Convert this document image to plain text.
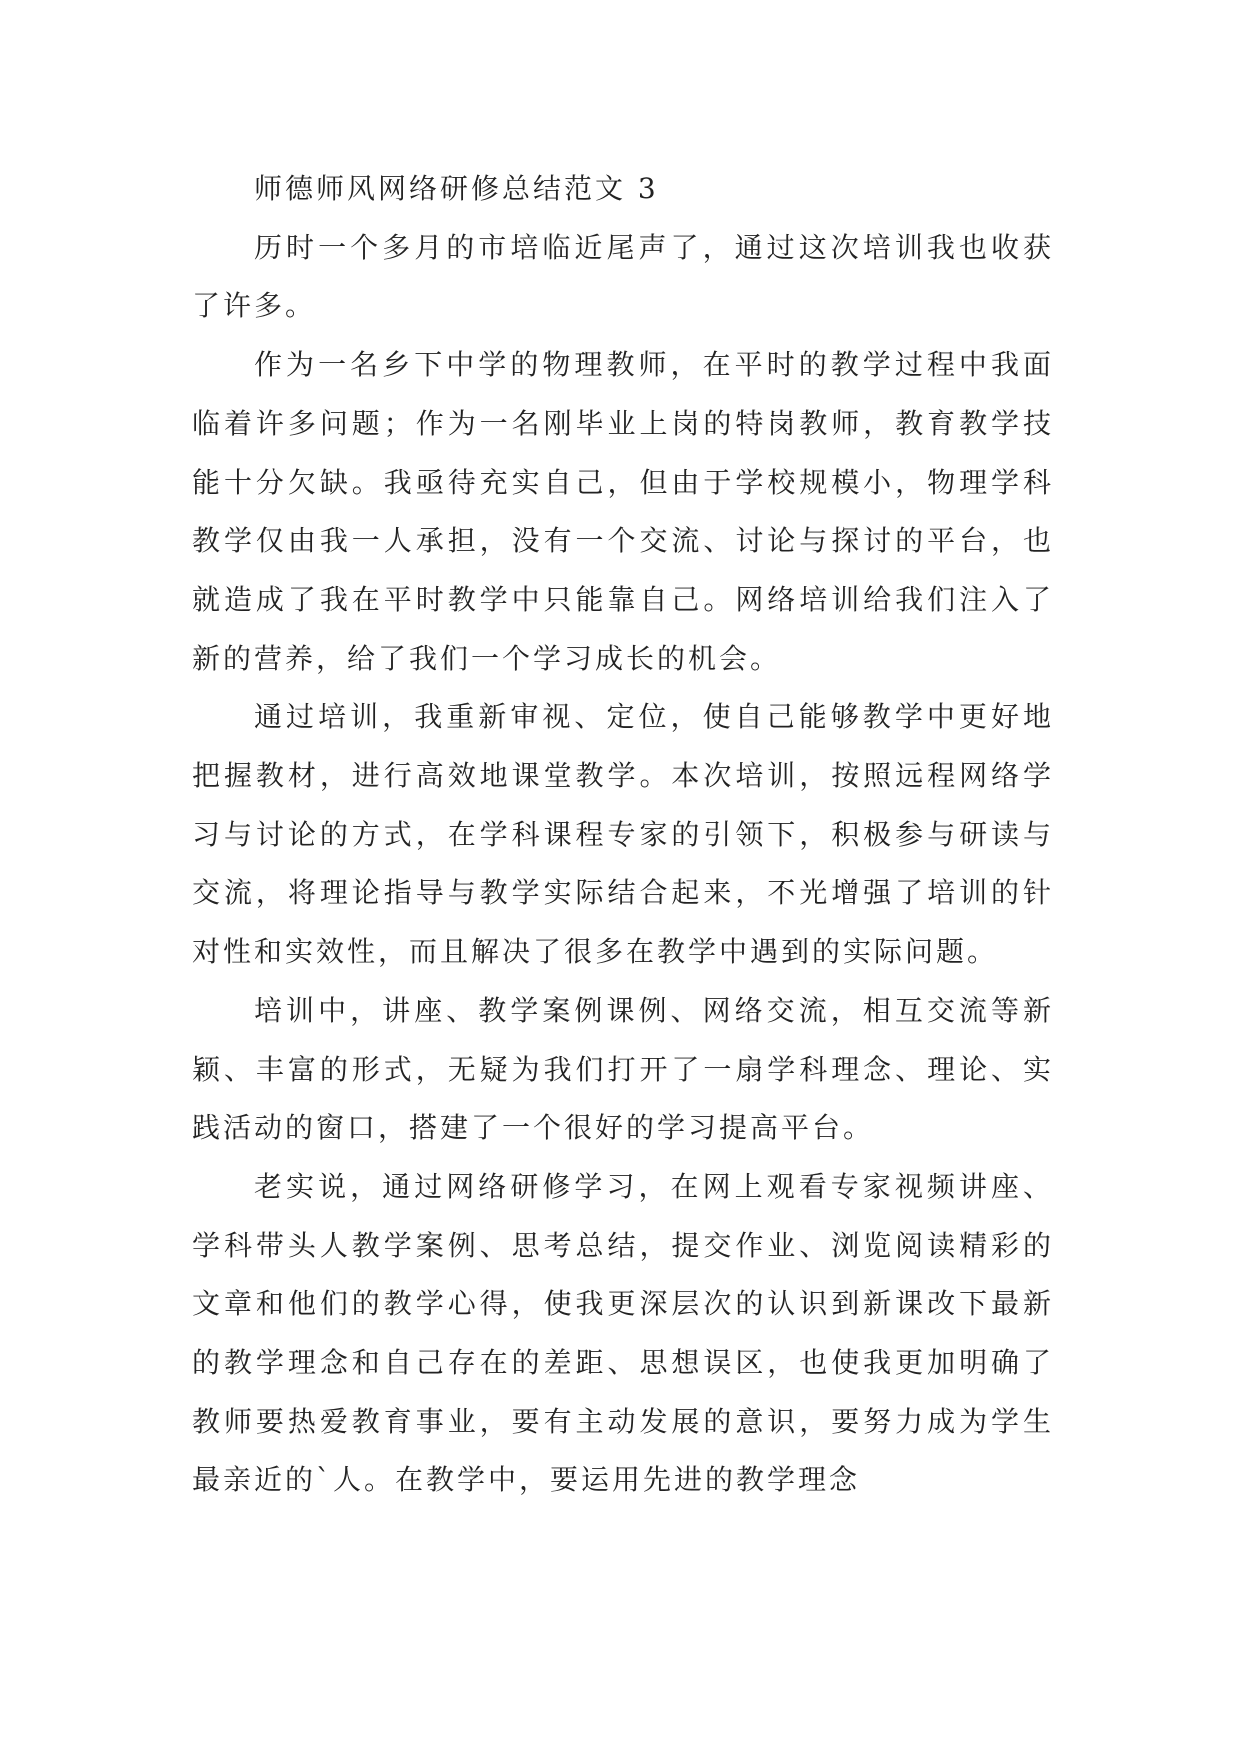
师德师风网络研修总结范文 3

历时一个多月的市培临近尾声了，通过这次培训我也收获了许多。

作为一名乡下中学的物理教师，在平时的教学过程中我面临着许多问题；作为一名刚毕业上岗的特岗教师，教育教学技能十分欠缺。我亟待充实自己，但由于学校规模小，物理学科教学仅由我一人承担，没有一个交流、讨论与探讨的平台，也就造成了我在平时教学中只能靠自己。网络培训给我们注入了新的营养，给了我们一个学习成长的机会。

通过培训，我重新审视、定位，使自己能够教学中更好地把握教材，进行高效地课堂教学。本次培训，按照远程网络学习与讨论的方式，在学科课程专家的引领下，积极参与研读与交流，将理论指导与教学实际结合起来，不光增强了培训的针对性和实效性，而且解决了很多在教学中遇到的实际问题。

培训中，讲座、教学案例课例、网络交流，相互交流等新颖、丰富的形式，无疑为我们打开了一扇学科理念、理论、实践活动的窗口，搭建了一个很好的学习提高平台。

老实说，通过网络研修学习，在网上观看专家视频讲座、学科带头人教学案例、思考总结，提交作业、浏览阅读精彩的文章和他们的教学心得，使我更深层次的认识到新课改下最新的教学理念和自己存在的差距、思想误区，也使我更加明确了教师要热爱教育事业，要有主动发展的意识，要努力成为学生最亲近的`人。在教学中，要运用先进的教学理念
